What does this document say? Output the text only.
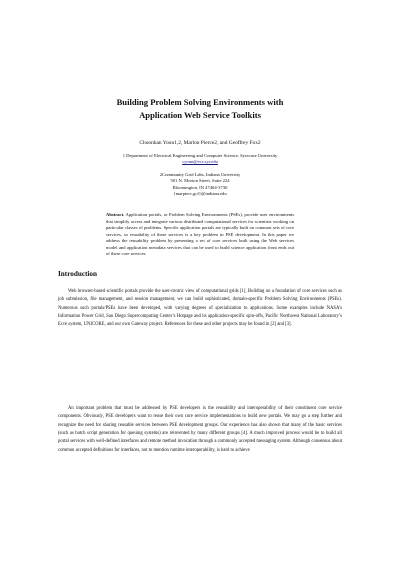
Building Problem Solving Environments with
Application Web Service Toolkits

Choonhan Youn1,2, Marlon Pierce2, and Geoffrey Fox2

1 Department of Electrical Engineering and Computer Science, Syracuse University

cyoun@ecs.syr.edu

2Community Grid Labs, Indiana University

501 N. Morton Street, Suite 224

Bloomington, IN 47404-3730

{marpierc,gcf}@indiana.edu

Abstract. Application portals, or Problem Solving Environments (PSEs), provide user environments that simplify access and integrate various distributed computational services for scientists working on particular classes of problems. Specific application portals are typically built on common sets of core services, so reusability of these services is a key problem in PSE development. In this paper we address the reusability problem by presenting a set of core services built using the Web services model and application metadata services that can be used to build science application front ends out of these core services.

Introduction

Web browser-based scientific portals provide the user-centric view of computational grids [1]. Building on a foundation of core services such as job submission, file management, and session management, we can build sophisticated, domain-specific Problem Solving Environments (PSEs). Numerous such portals/PSEs have been developed, with varying degrees of specialization to applications. Some examples include NASA’s Information Power Grid, San Diego Supercomputing Center’s Hotpage and its application-specific spin-offs, Pacific Northwest National Laboratory’s Ecce system, UNICORE, and our own Gateway project. References for these and other projects may be found in [2] and [3].

An important problem that must be addressed by PSE developers is the reusability and interoperability of their constituent core service components. Obviously, PSE developers want to reuse their own core service implementations to build new portals. We may go a step further and recognize the need for sharing reusable services between PSE development groups. Our experience has also shown that many of the basic services (such as batch script generation for queuing systems) are reinvented by many different groups [4]. A much improved process would be to build all portal services with well-defined interfaces and remote method invocation through a commonly accepted messaging system. Although consensus about common accepted definitions for interfaces, not to mention runtime interoperability, is hard to achieve
